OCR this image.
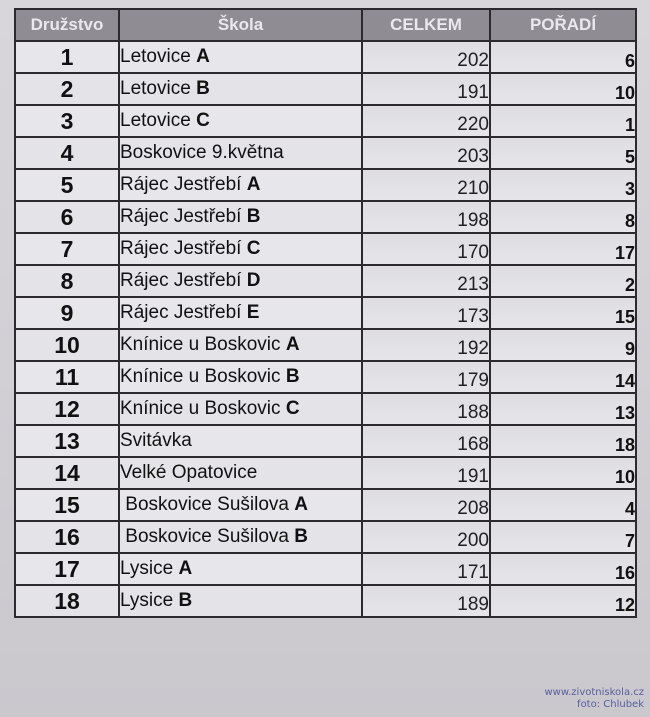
Družstvo	Škola	CELKEM	POŘADÍ
1	Letovice A	202	6
2	Letovice B	191	10
3	Letovice C	220	1
4	Boskovice 9.května	203	5
5	Rájec Jestřebí A	210	3
6	Rájec Jestřebí B	198	8
7	Rájec Jestřebí C	170	17
8	Rájec Jestřebí D	213	2
9	Rájec Jestřebí E	173	15
10	Knínice u Boskovic A	192	9
11	Knínice u Boskovic B	179	14
12	Knínice u Boskovic C	188	13
13	Svitávka	168	18
14	Velké Opatovice	191	10
15	Boskovice Sušilova A	208	4
16	Boskovice Sušilova B	200	7
17	Lysice A	171	16
18	Lysice B	189	12
www.zivotniskola.cz
foto: Chlubek
